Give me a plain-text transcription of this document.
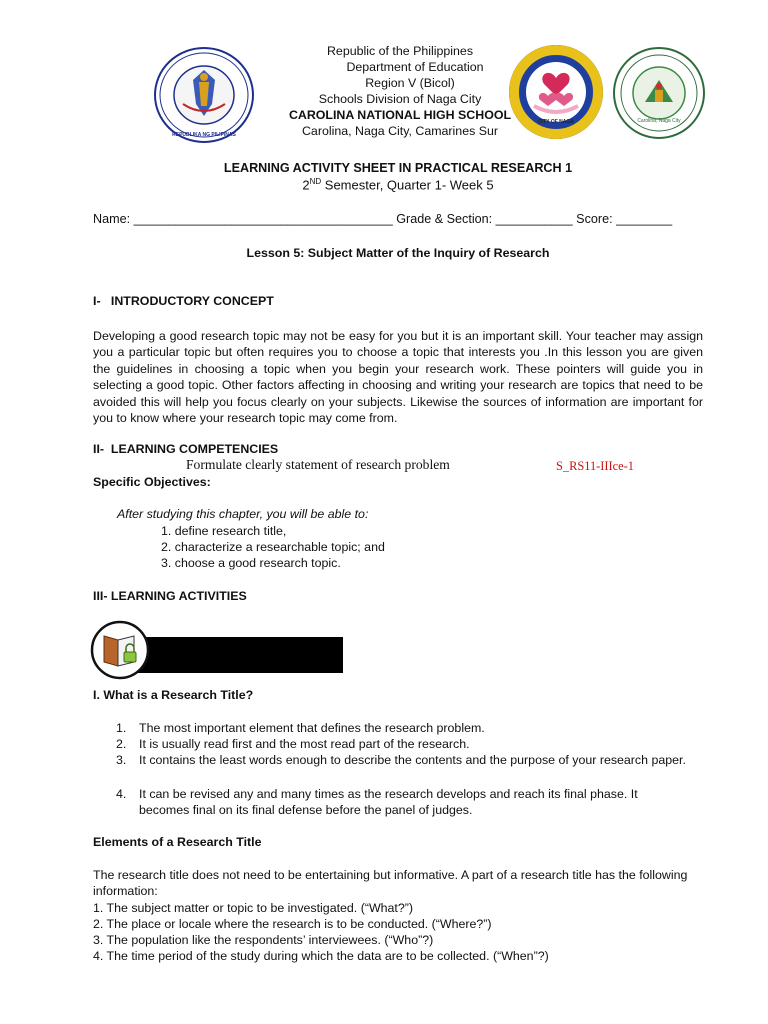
REPUBLIKA NG PILIPINAS
CITY OF NAGA	Carolina, Naga City
Republic of the Philippines
Department of Education
Region V (Bicol)
Schools Division of Naga City
CAROLINA NATIONAL HIGH SCHOOL
Carolina, Naga City, Camarines Sur
LEARNING ACTIVITY SHEET IN PRACTICAL RESEARCH 1
2ND Semester, Quarter 1- Week 5
Name: _____________________________________ Grade & Section: ___________ Score: ________
Lesson 5: Subject Matter of the Inquiry of Research
I-   INTRODUCTORY CONCEPT
Developing a good research topic may not be easy for you but it is an important skill. Your teacher may assign you a particular topic but often requires you to choose a topic that interests you .In this lesson you are given the guidelines in choosing a topic when you begin your research work. These pointers will guide you in selecting a good topic. Other factors affecting in choosing and writing your research are topics that need to be avoided this will help you focus clearly on your subjects. Likewise the sources of information are important for you to know where your research topic may come from.
II-  LEARNING COMPETENCIES
Formulate clearly statement of research problem	S_RS11-IIIce-1
Specific Objectives:
After studying this chapter, you will be able to:
1. define research title,
2. characterize a researchable topic; and
3. choose a good research topic.
III- LEARNING ACTIVITIES
I. What is a Research Title?
1. The most important element that defines the research problem.
2. It is usually read first and the most read part of the research.
3. It contains the least words enough to describe the contents and the purpose of your research paper.
4. It can be revised any and many times as the research develops and reach its final phase. It becomes final on its final defense before the panel of judges.
Elements of a Research Title
The research title does not need to be entertaining but informative. A part of a research title has the following information:
1. The subject matter or topic to be investigated. (“What?”)
2. The place or locale where the research is to be conducted. (“Where?”)
3. The population like the respondents’ interviewees. (“Who”?)
4. The time period of the study during which the data are to be collected. (“When”?)
